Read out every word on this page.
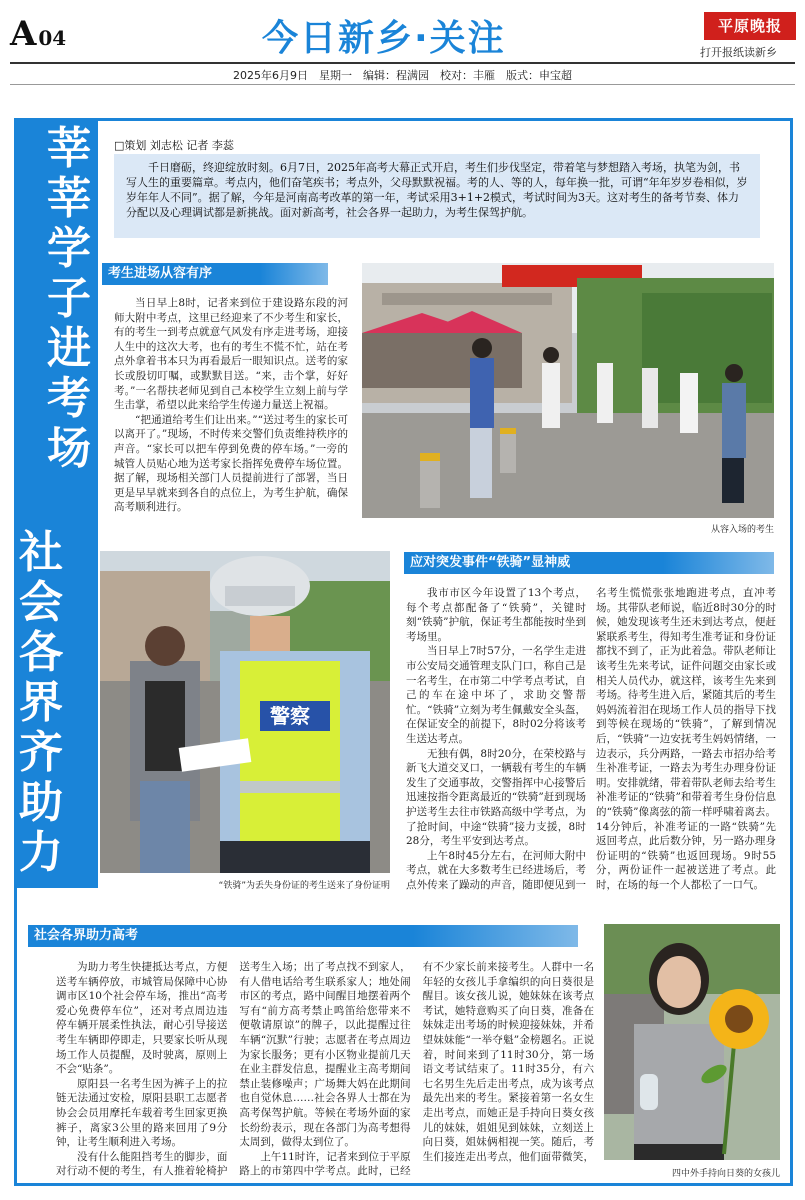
A 04	今日新乡·关注	平原晚报
打开报纸读新乡
2025年6月9日　星期一　编辑：程满园　校对：丰雁　版式：申宝超
莘莘学子进考场
社会各界齐助力
□策划 刘志松 记者 李蕊
千日磨砺，终迎绽放时刻。6月7日，2025年高考大幕正式开启，考生们步伐坚定，带着笔与梦想踏入考场，执笔为剑，书写人生的重要篇章。考点内，他们奋笔疾书；考点外，父母默默祝福。考的人、等的人，每年换一批，可谓“年年岁岁卷相似，岁岁年年人不同”。据了解，今年是河南高考改革的第一年，考试采用3+1+2模式，考试时间为3天。这对考生的备考节奏、体力分配以及心理调试都是新挑战。面对新高考，社会各界一起助力，为考生保驾护航。
考生进场从容有序

当日早上8时，记者来到位于建设路东段的河师大附中考点，这里已经迎来了不少考生和家长，有的考生一到考点就意气风发有序走进考场，迎接人生中的这次大考，也有的考生不慌不忙，站在考点外拿着书本只为再看最后一眼知识点。送考的家长或殷切叮嘱，或默默目送。“来，击个掌，好好考。”一名帮扶老师见到自己本校学生立刻上前与学生击掌，希望以此来给学生传递力量送上祝福。

“把通道给考生们让出来。”“送过考生的家长可以离开了。”现场，不时传来交警们负责维持秩序的声音。“家长可以把车停到免费的停车场。”一旁的城管人员贴心地为送考家长指挥免费停车场位置。据了解，现场相关部门人员提前进行了部署，当日更是早早就来到各自的点位上，为考生护航，确保高考顺利进行。

从容入场的考生
警察
“铁骑”为丢失身份证的考生送来了身份证明
应对突发事件“铁骑”显神威

我市市区今年设置了13个考点，每个考点都配备了“铁骑”，关键时刻“铁骑”护航，保证考生都能按时坐到考场里。

当日早上7时57分，一名学生走进市公安局交通管理支队门口，称自己是一名考生，在市第二中学考点考试，自己的车在途中坏了，求助交警帮忙。“铁骑”立刻为考生佩戴安全头盔，在保证安全的前提下，8时02分将该考生送达考点。

无独有偶，8时20分，在荣校路与新飞大道交叉口，一辆载有考生的车辆发生了交通事故，交警指挥中心接警后迅速按指令距离最近的“铁骑”赶到现场护送考生去往市铁路高级中学考点，为了抢时间，中途“铁骑”接力支援，8时28分，考生平安到达考点。

上午8时45分左右，在河师大附中考点，就在大多数考生已经进场后，考点外传来了躁动的声音，随即便见到一名考生慌慌张张地跑进考点，直冲考场。其带队老师说，临近8时30分的时候，她发现该考生还未到达考点，便赶紧联系考生，得知考生准考证和身份证都找不到了，正为此着急。带队老师让该考生先来考试，证件问题交由家长或相关人员代办，就这样，该考生先来到考场。待考生进入后，紧随其后的考生妈妈流着泪在现场工作人员的指导下找到等候在现场的“铁骑”，了解到情况后，“铁骑”一边安抚考生妈妈情绪，一边表示，兵分两路，一路去市招办给考生补准考证，一路去为考生办理身份证明。安排就绪，带着带队老师去给考生补准考证的“铁骑”和带着考生身份信息的“铁骑”像离弦的箭一样呼啸着离去。14分钟后，补准考证的一路“铁骑”先返回考点，此后数分钟，另一路办理身份证明的“铁骑”也返回现场。9时55分，两份证件一起被送进了考点。此时，在场的每一个人都松了一口气。

社会各界助力高考

为助力考生快捷抵达考点，方便送考车辆停放，市城管局保障中心协调市区10个社会停车场，推出“高考爱心免费停车位”，还对考点周边违停车辆开展柔性执法，耐心引导接送考生车辆即停即走，只要家长听从现场工作人员提醒，及时驶离，原则上不会“贴条”。

原阳县一名考生因为裤子上的拉链无法通过安检，原阳县职工志愿者协会会员用摩托车载着考生回家更换裤子，离家3公里的路来回用了9分钟，让考生顺利进入考场。

没有什么能阻挡考生的脚步，面对行动不便的考生，有人推着轮椅护送考生入场；出了考点找不到家人，有人借电话给考生联系家人；地处闹市区的考点，路中间醒目地摆着两个写有“前方高考禁止鸣笛给您带来不便敬请原谅”的牌子，以此提醒过往车辆“沉默”行驶；志愿者在考点周边为家长服务；更有小区物业提前几天在业主群发信息，提醒业主高考期间禁止装修噪声；广场舞大妈在此期间也自觉休息……社会各界人士都在为高考保驾护航。等候在考场外面的家长纷纷表示，现在各部门为高考想得太周到，做得太到位了。

上午11时许，记者来到位于平原路上的市第四中学考点。此时，已经有不少家长前来接考生。人群中一名年轻的女孩儿手拿编织的向日葵很是醒目。该女孩儿说，她妹妹在该考点考试，她特意购买了向日葵，准备在妹妹走出考场的时候迎接妹妹，并希望妹妹能“一举夺魁”金榜题名。正说着，时间来到了11时30分，第一场语文考试结束了。11时35分，有六七名男生先后走出考点，成为该考点最先出来的考生。紧接着第一名女生走出考点，而她正是手持向日葵女孩儿的妹妹，姐姐见到妹妹，立刻送上向日葵，姐妹俩相视一笑。随后，考生们接连走出考点，他们面带微笑，

四中外手持向日葵的女孩儿
